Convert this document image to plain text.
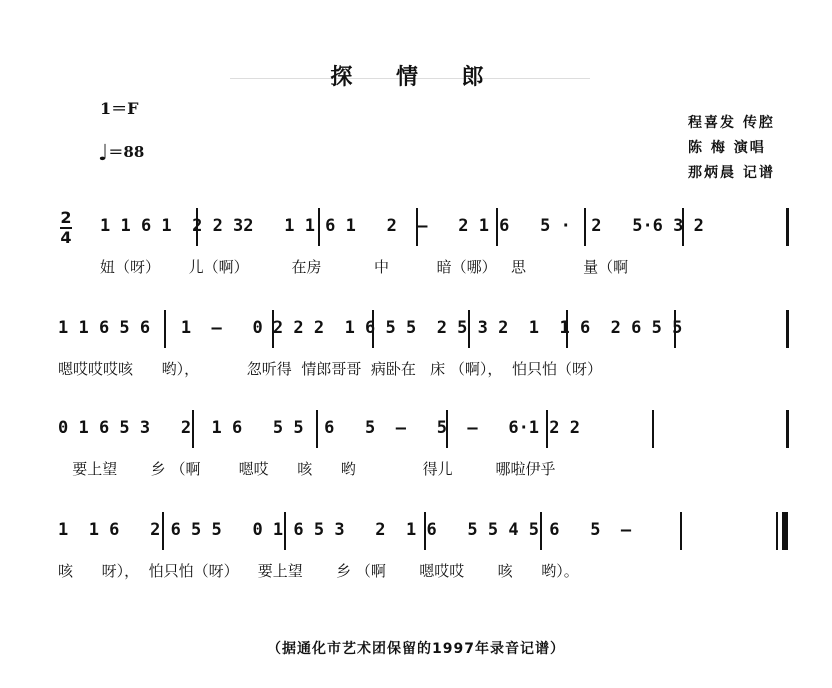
探 情 郎
1＝F
♩＝88
程喜发 传腔
陈 梅 演唱
那炳晨 记谱
2
4
1 1 6 1  2 2 32   1 1 6 1   2  –   2 1 6   5 ·  2   5·6 3 2
妞（呀）      儿（啊）         在房           中          暗（哪）   思            量（啊
1 1 6 5 6   1  –   0 2 2 2  1 6 5 5  2 5 3 2  1  1 6  2 6 5 5
嗯哎哎哎咳      哟），          忽听得  情郎哥哥  病卧在   床 （啊），  怕只怕（呀）
0 1 6 5 3   2  1 6   5 5  6   5  –   5  –   6·1 2 2
要上望       乡 （啊        嗯哎      咳      哟              得儿         哪啦伊乎
1  1 6   2 6 5 5   0 1 6 5 3   2  1 6   5 5 4 5 6   5  –
咳      呀），  怕只怕（呀）    要上望       乡 （啊       嗯哎哎       咳      哟）。
（据通化市艺术团保留的1997年录音记谱）
